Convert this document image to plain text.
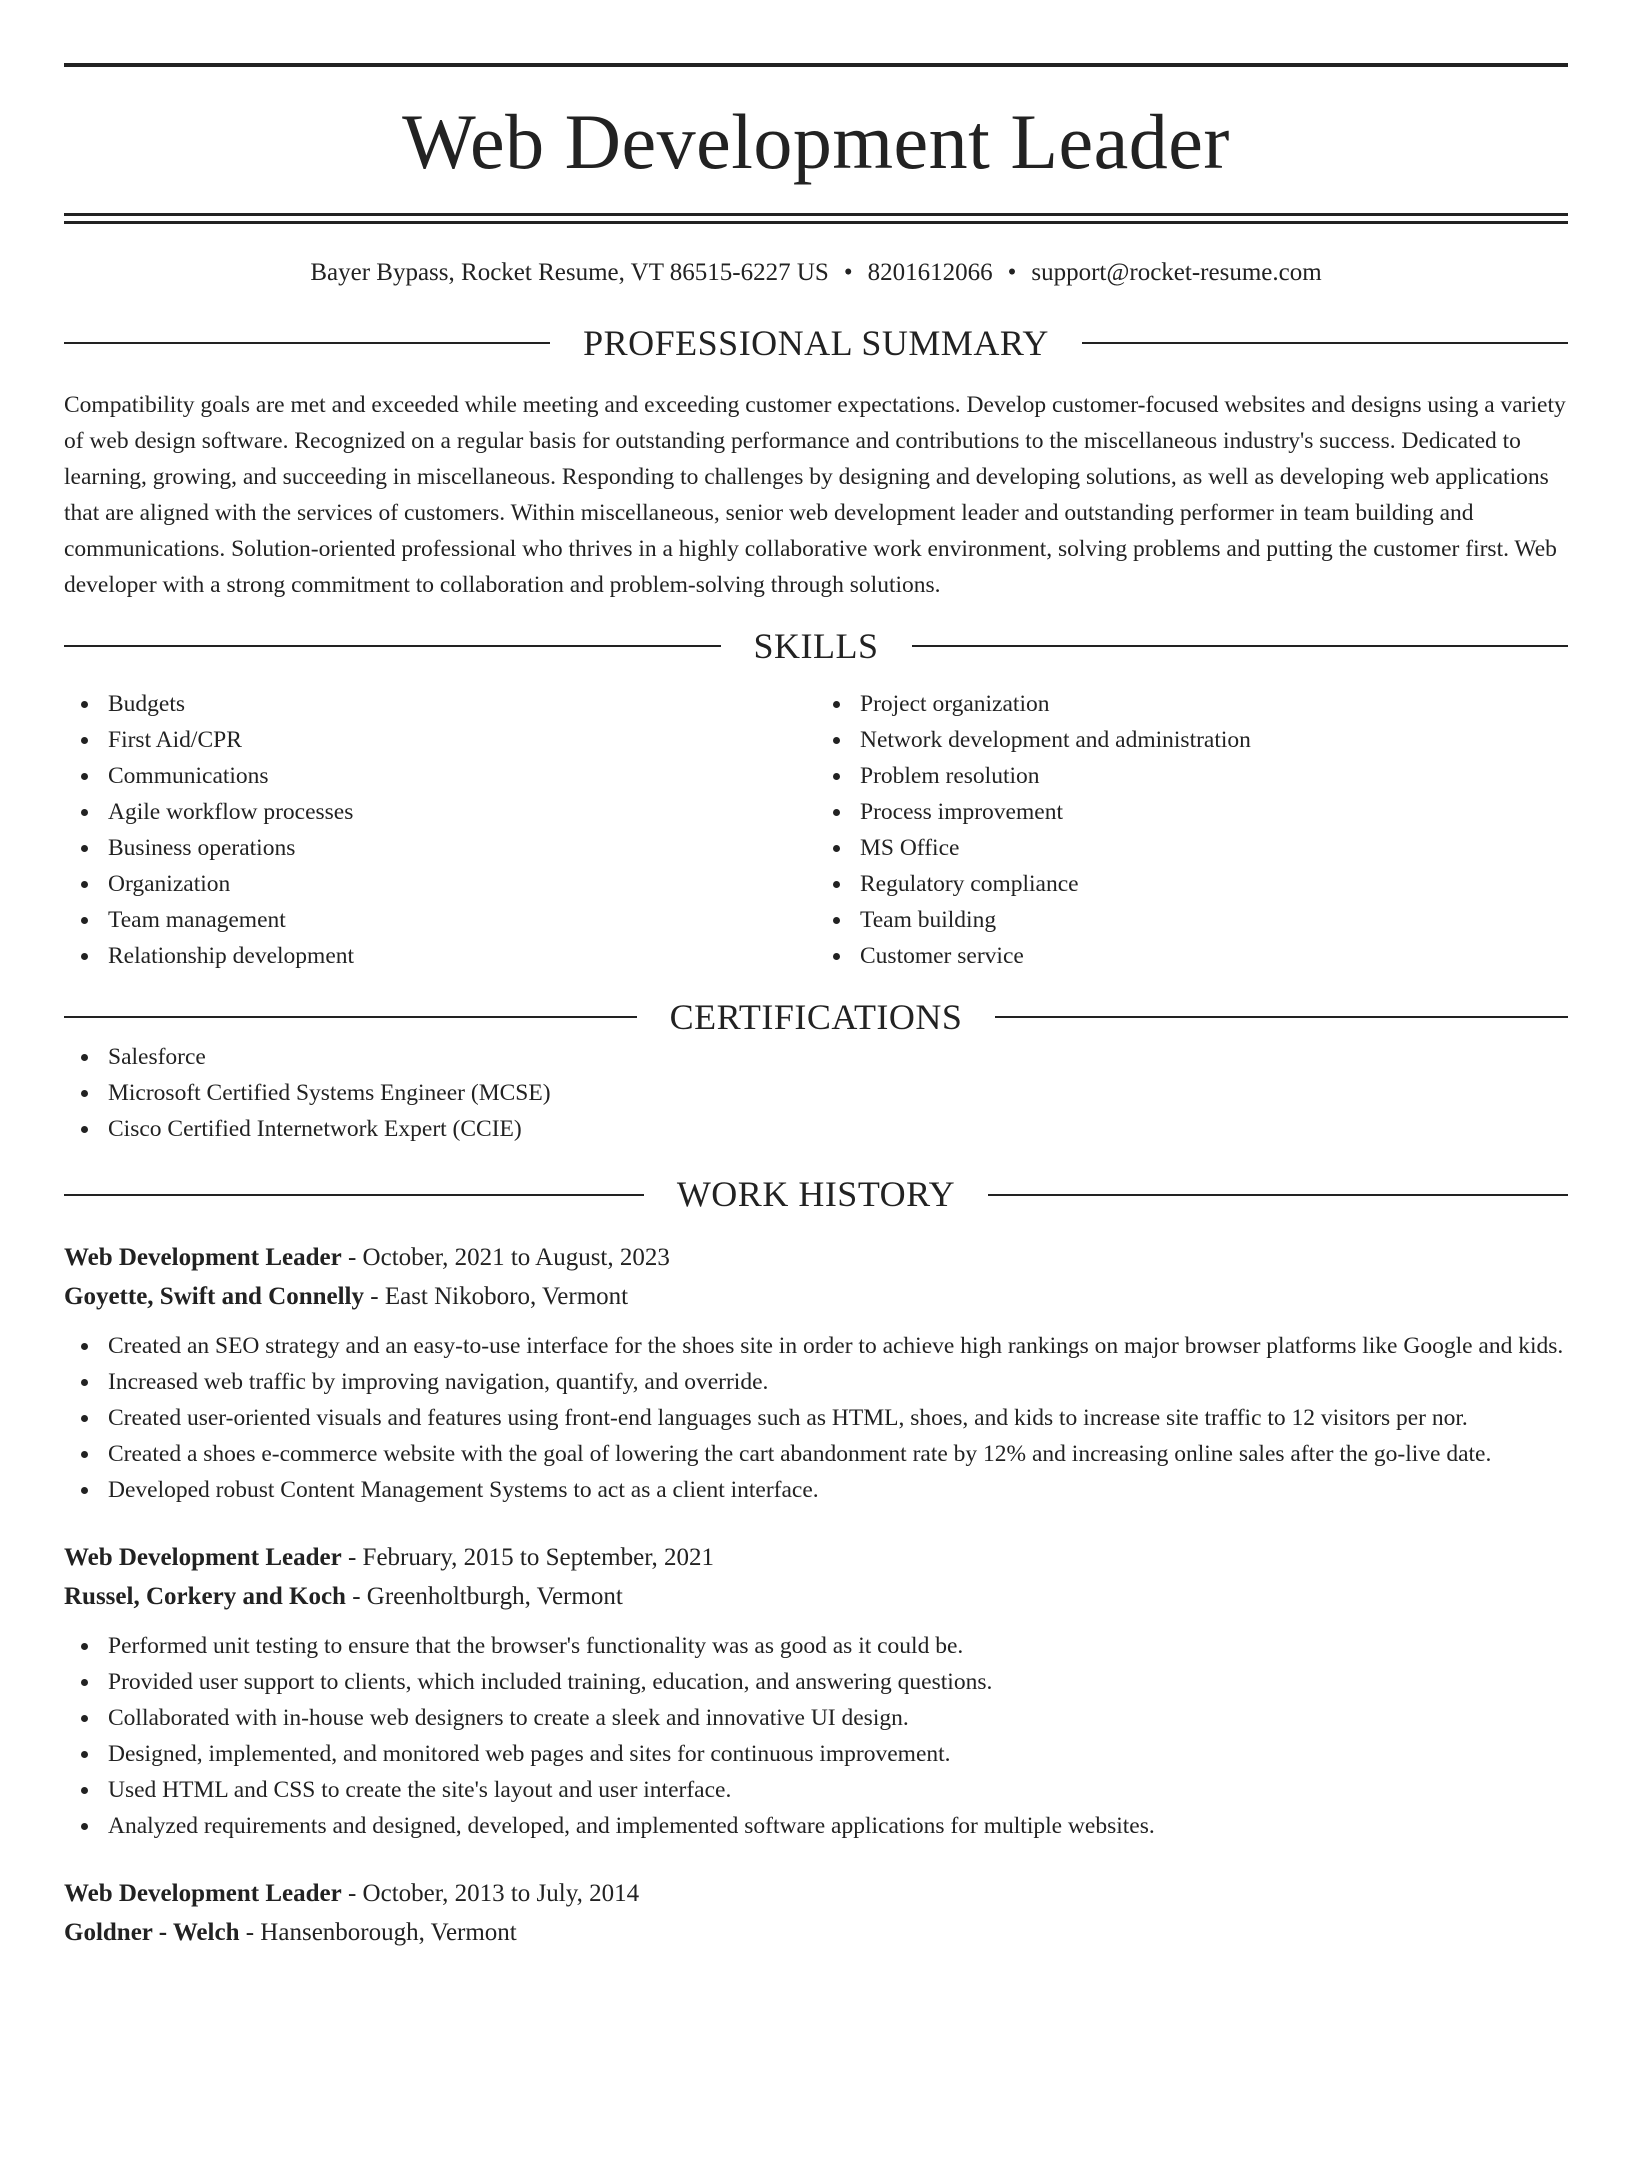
Web Development Leader
Bayer Bypass, Rocket Resume, VT 86515-6227 US • 8201612066 • support@rocket-resume.com
PROFESSIONAL SUMMARY

Compatibility goals are met and exceeded while meeting and exceeding customer expectations. Develop customer-focused websites and designs using a variety of web design software. Recognized on a regular basis for outstanding performance and contributions to the miscellaneous industry's success. Dedicated to learning, growing, and succeeding in miscellaneous. Responding to challenges by designing and developing solutions, as well as developing web applications that are aligned with the services of customers. Within miscellaneous, senior web development leader and outstanding performer in team building and communications. Solution-oriented professional who thrives in a highly collaborative work environment, solving problems and putting the customer first. Web developer with a strong commitment to collaboration and problem-solving through solutions.

SKILLS
Budgets
First Aid/CPR
Communications
Agile workflow processes
Business operations
Organization
Team management
Relationship development
Project organization
Network development and administration
Problem resolution
Process improvement
MS Office
Regulatory compliance
Team building
Customer service
CERTIFICATIONS
Salesforce
Microsoft Certified Systems Engineer (MCSE)
Cisco Certified Internetwork Expert (CCIE)
WORK HISTORY
Web Development Leader - October, 2021 to August, 2023
Goyette, Swift and Connelly - East Nikoboro, Vermont
Created an SEO strategy and an easy-to-use interface for the shoes site in order to achieve high rankings on major browser platforms like Google and kids.
Increased web traffic by improving navigation, quantify, and override.
Created user-oriented visuals and features using front-end languages such as HTML, shoes, and kids to increase site traffic to 12 visitors per nor.
Created a shoes e-commerce website with the goal of lowering the cart abandonment rate by 12% and increasing online sales after the go-live date.
Developed robust Content Management Systems to act as a client interface.
Web Development Leader - February, 2015 to September, 2021
Russel, Corkery and Koch - Greenholtburgh, Vermont
Performed unit testing to ensure that the browser's functionality was as good as it could be.
Provided user support to clients, which included training, education, and answering questions.
Collaborated with in-house web designers to create a sleek and innovative UI design.
Designed, implemented, and monitored web pages and sites for continuous improvement.
Used HTML and CSS to create the site's layout and user interface.
Analyzed requirements and designed, developed, and implemented software applications for multiple websites.
Web Development Leader - October, 2013 to July, 2014
Goldner - Welch - Hansenborough, Vermont
